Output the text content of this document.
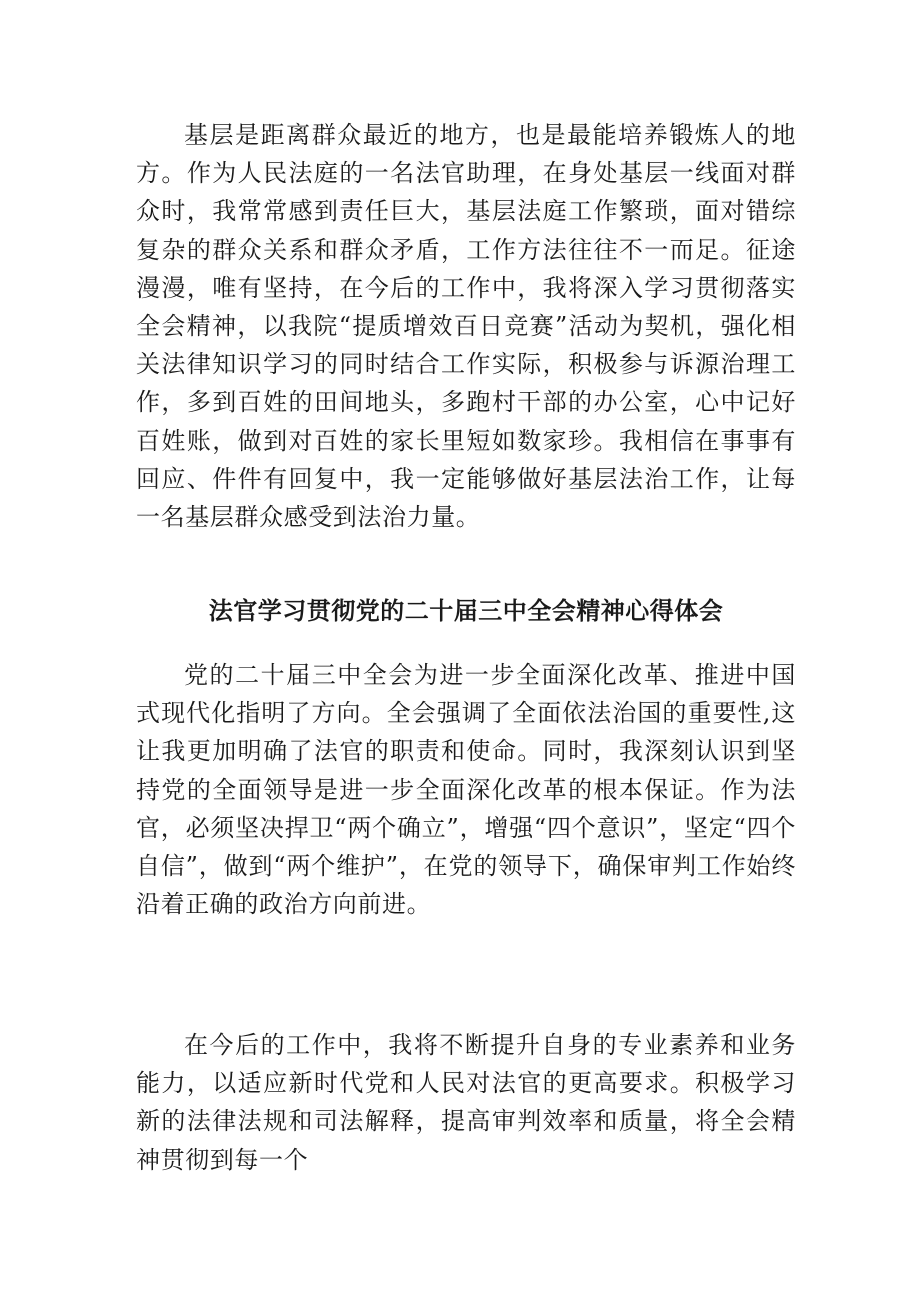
基层是距离群众最近的地方，也是最能培养锻炼人的地方。作为人民法庭的一名法官助理，在身处基层一线面对群众时，我常常感到责任巨大，基层法庭工作繁琐，面对错综复杂的群众关系和群众矛盾，工作方法往往不一而足。征途漫漫，唯有坚持，在今后的工作中，我将深入学习贯彻落实全会精神，以我院“提质增效百日竞赛”活动为契机，强化相关法律知识学习的同时结合工作实际，积极参与诉源治理工作，多到百姓的田间地头，多跑村干部的办公室，心中记好百姓账，做到对百姓的家长里短如数家珍。我相信在事事有回应、件件有回复中，我一定能够做好基层法治工作，让每一名基层群众感受到法治力量。

法官学习贯彻党的二十届三中全会精神心得体会

党的二十届三中全会为进一步全面深化改革、推进中国式现代化指明了方向。全会强调了全面依法治国的重要性,这让我更加明确了法官的职责和使命。同时，我深刻认识到坚持党的全面领导是进一步全面深化改革的根本保证。作为法官，必须坚决捍卫“两个确立”，增强“四个意识”，坚定“四个自信”，做到“两个维护”，在党的领导下，确保审判工作始终沿着正确的政治方向前进。

在今后的工作中，我将不断提升自身的专业素养和业务能力，以适应新时代党和人民对法官的更高要求。积极学习新的法律法规和司法解释，提高审判效率和质量，将全会精神贯彻到每一个
